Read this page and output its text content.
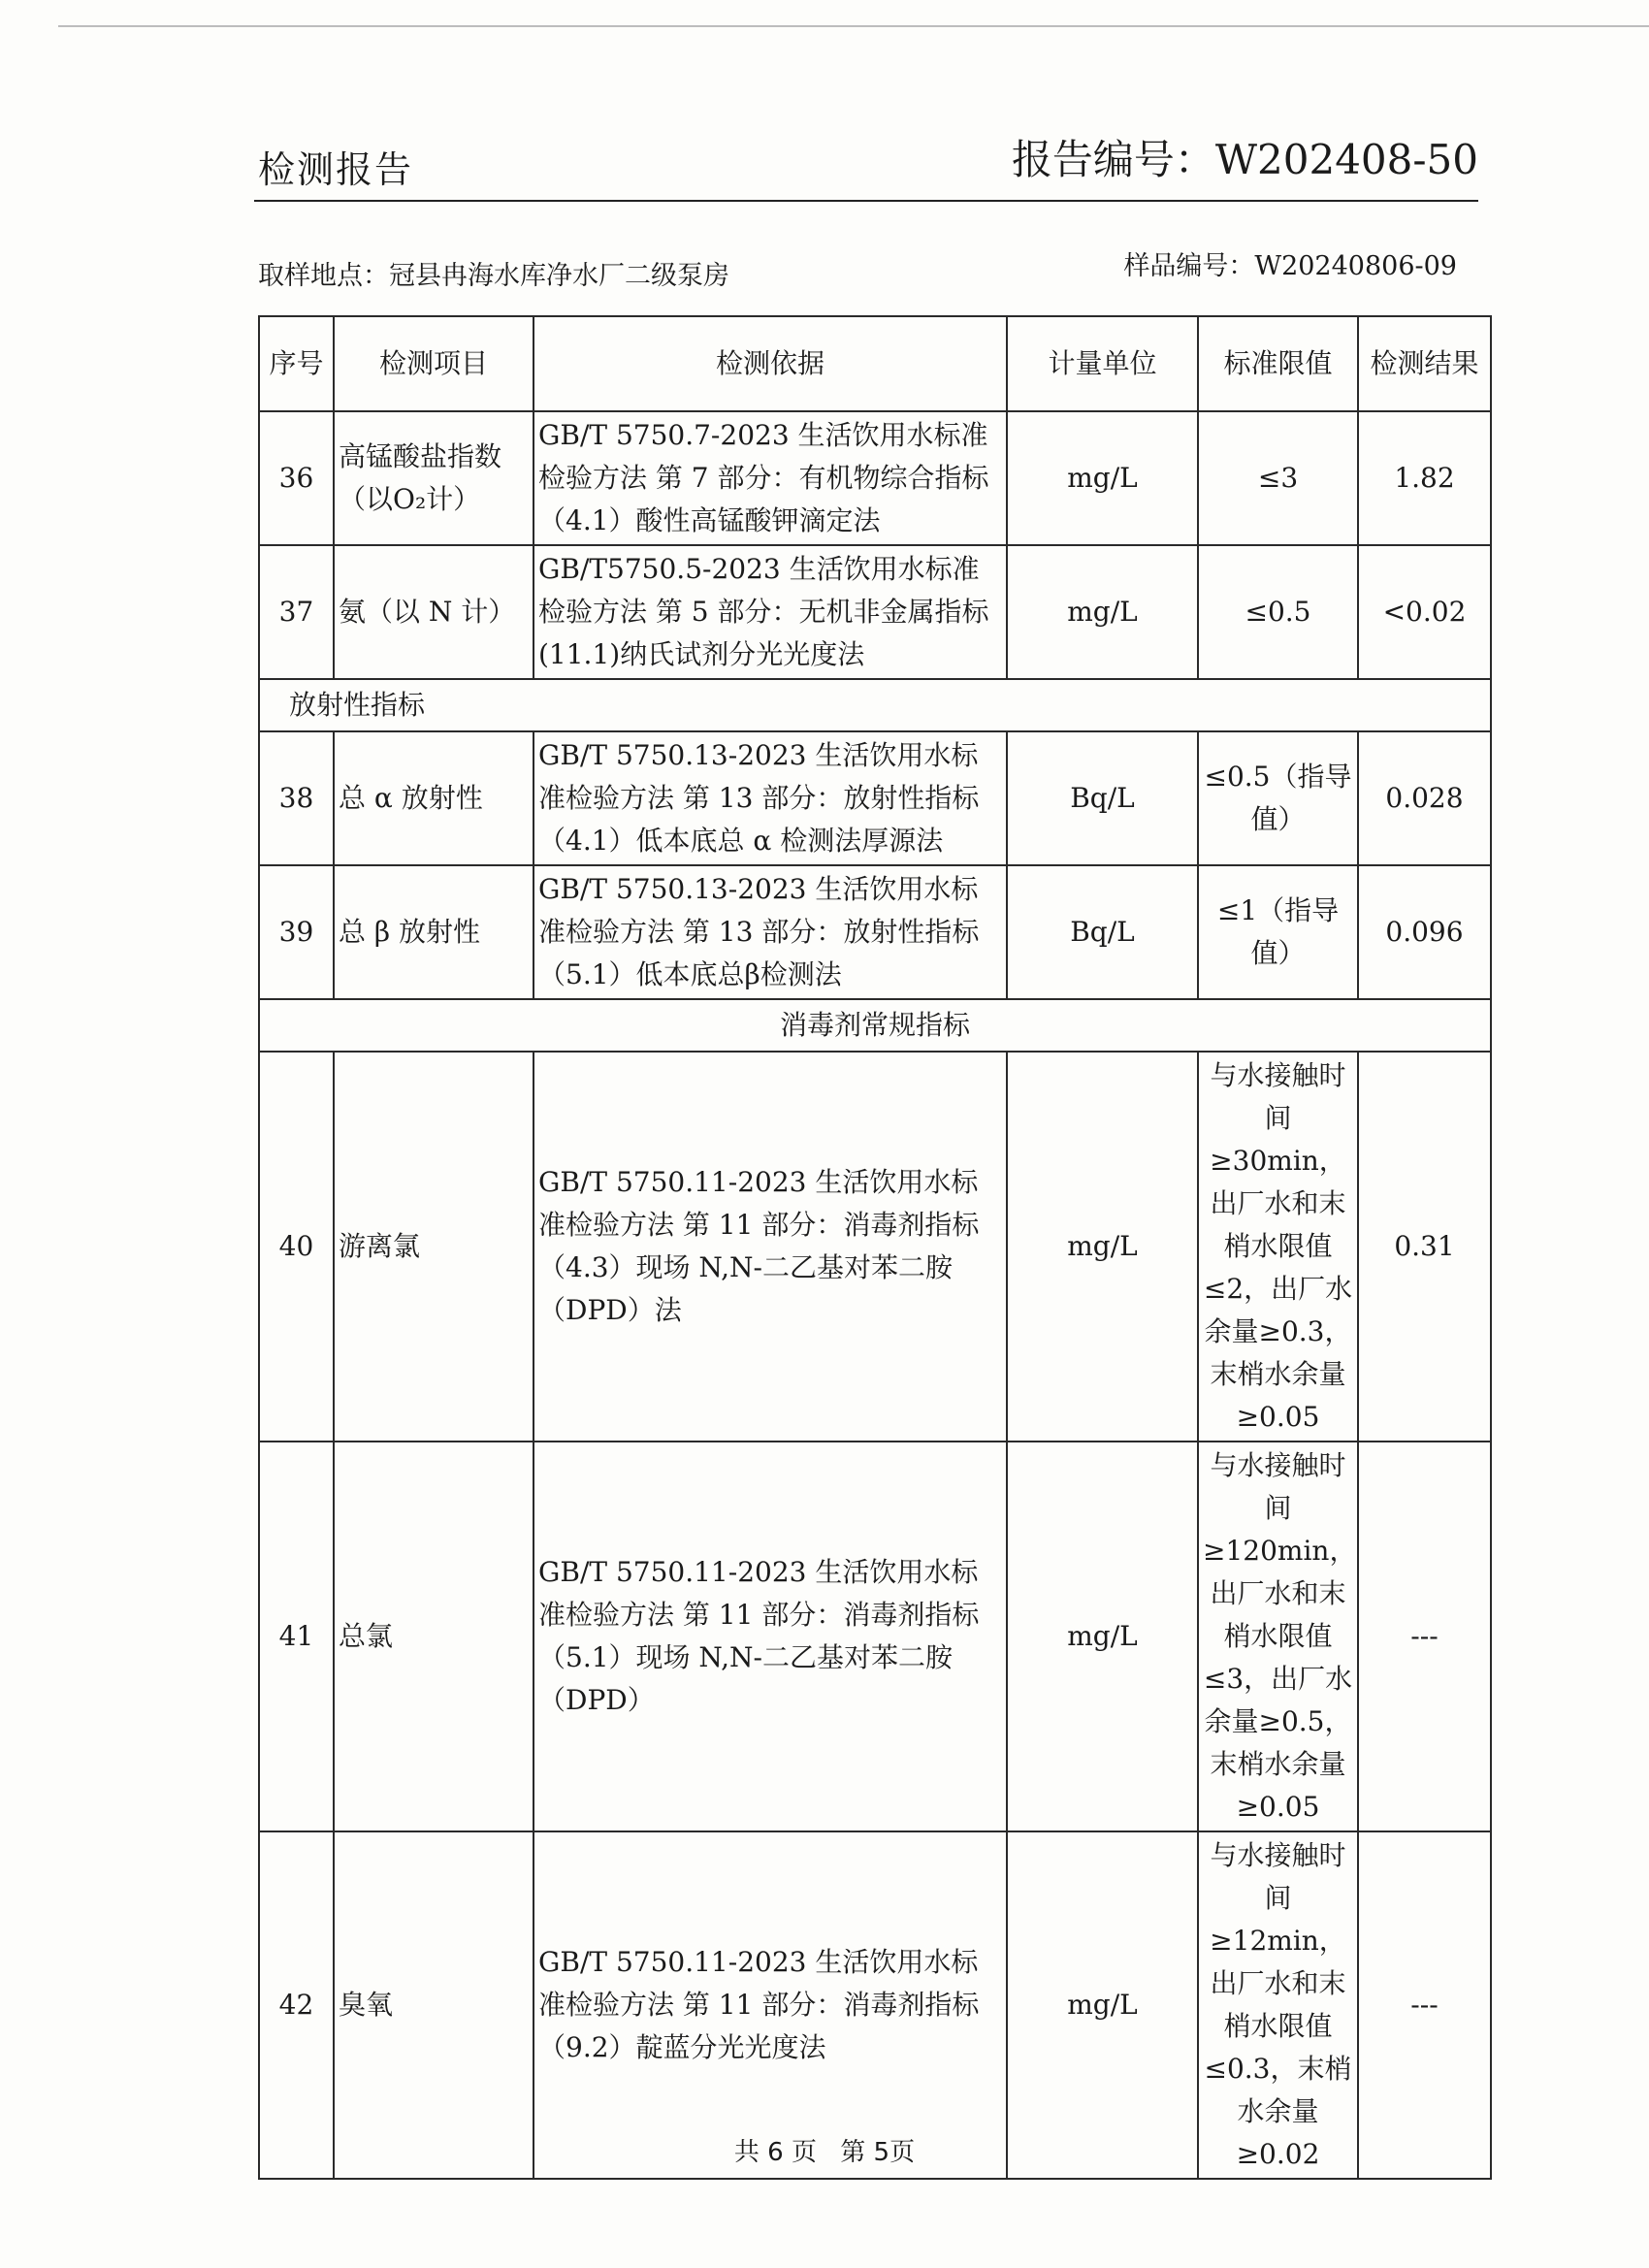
检测报告	报告编号：W202408-50
取样地点：冠县冉海水库净水厂二级泵房	样品编号：W20240806-09
序号	检测项目	检测依据	计量单位	标准限值	检测结果
36	高锰酸盐指数（以O₂计）	GB/T 5750.7-2023 生活饮用水标准检验方法 第 7 部分：有机物综合指标（4.1）酸性高锰酸钾滴定法	mg/L	≤3	1.82
37	氨（以 N 计）	GB/T5750.5-2023 生活饮用水标准检验方法 第 5 部分：无机非金属指标(11.1)纳氏试剂分光光度法	mg/L	≤0.5	<0.02
放射性指标					
38	总 α 放射性	GB/T 5750.13-2023 生活饮用水标准检验方法 第 13 部分：放射性指标（4.1）低本底总 α 检测法厚源法	Bq/L	≤0.5（指导值）	0.028
39	总 β 放射性	GB/T 5750.13-2023 生活饮用水标准检验方法 第 13 部分：放射性指标（5.1）低本底总β检测法	Bq/L	≤1（指导值）	0.096
消毒剂常规指标					
40	游离氯	GB/T 5750.11-2023 生活饮用水标准检验方法 第 11 部分：消毒剂指标（4.3）现场 N,N-二乙基对苯二胺（DPD）法	mg/L	与水接触时间≥30min，出厂水和末梢水限值≤2，出厂水余量≥0.3，末梢水余量≥0.05	0.31
41	总氯	GB/T 5750.11-2023 生活饮用水标准检验方法 第 11 部分：消毒剂指标（5.1）现场 N,N-二乙基对苯二胺（DPD）	mg/L	与水接触时间≥120min，出厂水和末梢水限值≤3，出厂水余量≥0.5，末梢水余量≥0.05	---
42	臭氧	GB/T 5750.11-2023 生活饮用水标准检验方法 第 11 部分：消毒剂指标（9.2）靛蓝分光光度法	mg/L	与水接触时间≥12min，出厂水和末梢水限值≤0.3，末梢水余量≥0.02	---
共 6 页 第 5页
